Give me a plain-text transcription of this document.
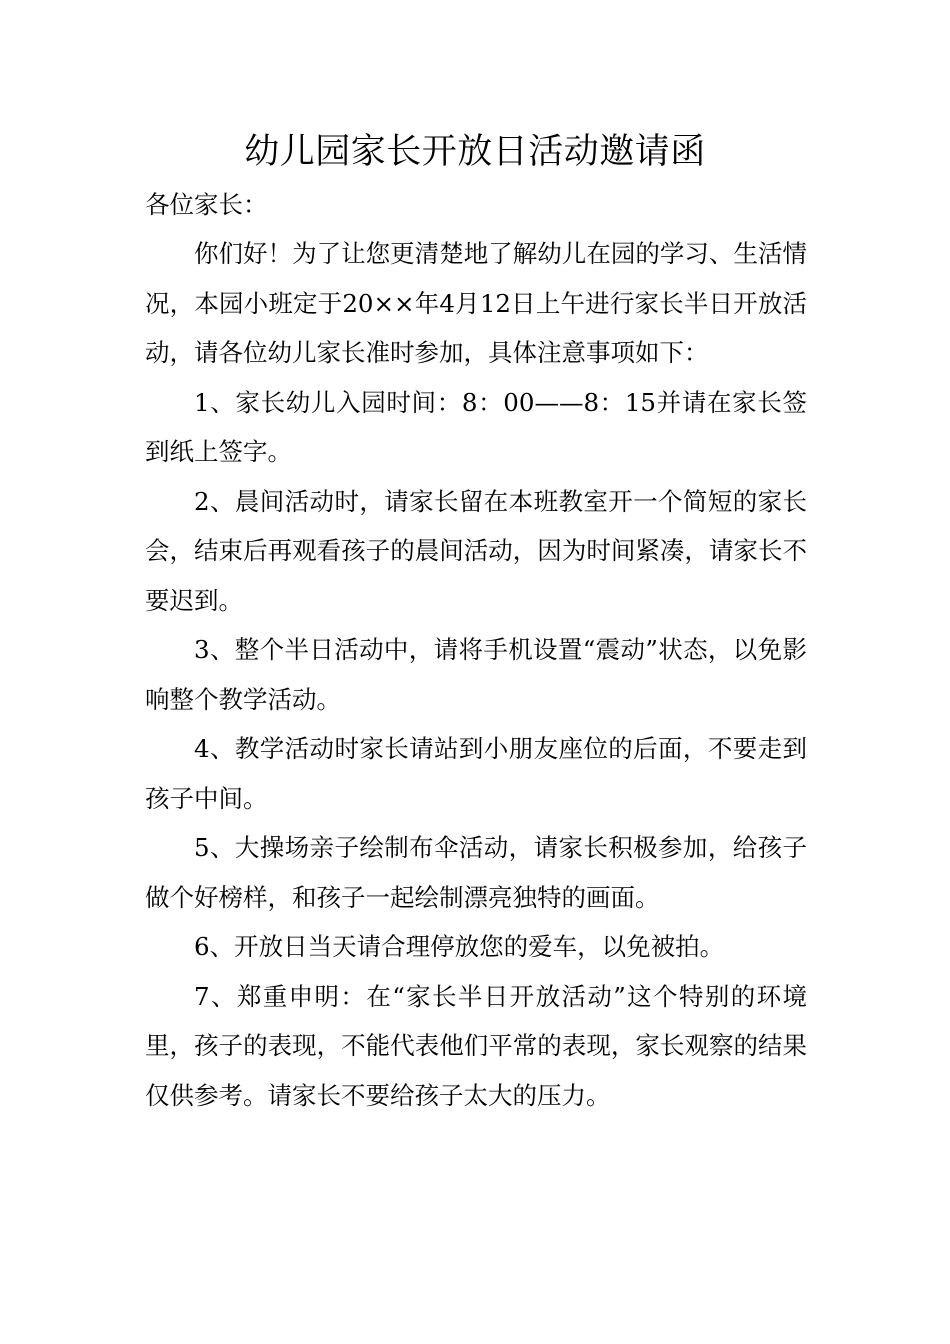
幼儿园家长开放日活动邀请函
各位家长：

你们好！为了让您更清楚地了解幼儿在园的学习、生活情况，本园小班定于20××年4月12日上午进行家长半日开放活动，请各位幼儿家长准时参加，具体注意事项如下：

1、家长幼儿入园时间：8：00——8：15并请在家长签到纸上签字。

2、晨间活动时，请家长留在本班教室开一个简短的家长会，结束后再观看孩子的晨间活动，因为时间紧凑，请家长不要迟到。

3、整个半日活动中，请将手机设置“震动”状态，以免影响整个教学活动。

4、教学活动时家长请站到小朋友座位的后面，不要走到孩子中间。

5、大操场亲子绘制布伞活动，请家长积极参加，给孩子做个好榜样，和孩子一起绘制漂亮独特的画面。

6、开放日当天请合理停放您的爱车，以免被拍。

7、郑重申明：在“家长半日开放活动”这个特别的环境里，孩子的表现，不能代表他们平常的表现，家长观察的结果仅供参考。请家长不要给孩子太大的压力。
